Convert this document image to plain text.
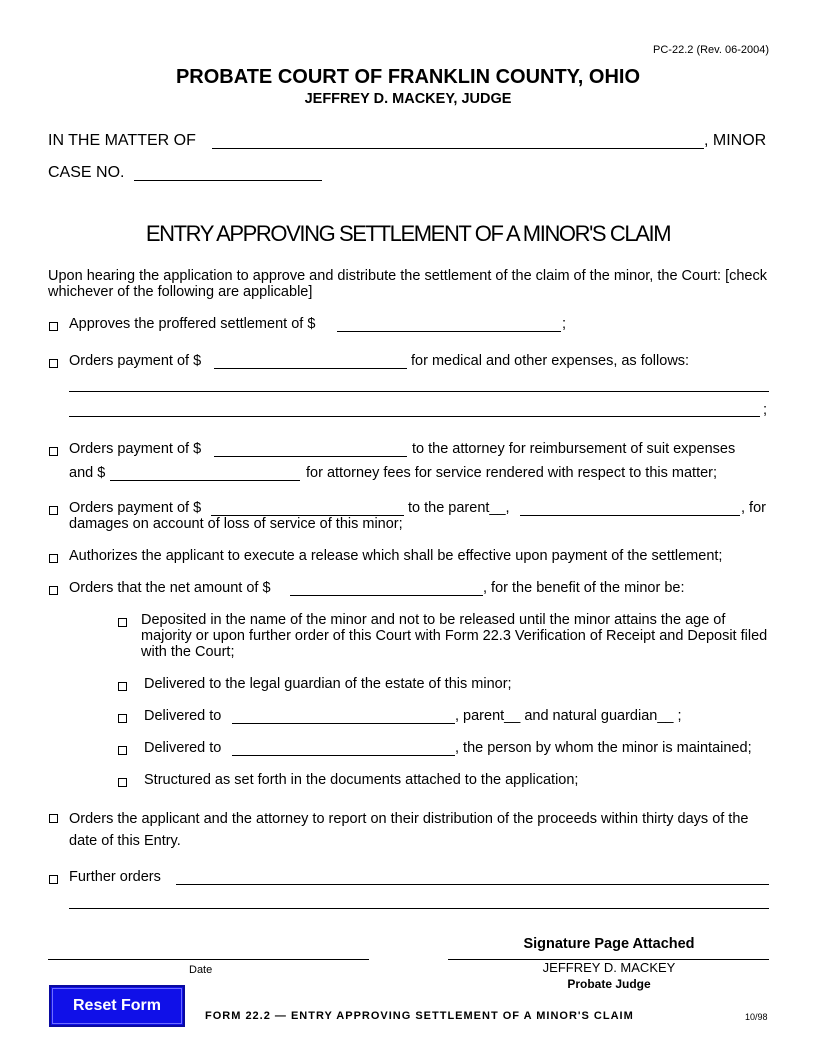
PC-22.2 (Rev. 06-2004)
PROBATE COURT OF FRANKLIN COUNTY, OHIO
JEFFREY D. MACKEY, JUDGE
IN THE MATTER OF	, MINOR
CASE NO.
ENTRY APPROVING SETTLEMENT OF A MINOR'S CLAIM
Upon hearing the application to approve and distribute the settlement of the claim of the minor, the Court: [check whichever of the following are applicable]
Approves the proffered settlement of $	;
Orders payment of $	for medical and other expenses, as follows:
;
Orders payment of $	to the attorney for reimbursement of suit expenses
and $	for attorney fees for service rendered with respect to this matter;
Orders payment of $	to the parent__,	, for
damages on account of loss of service of this minor;
Authorizes the applicant to execute a release which shall be effective upon payment of the settlement;
Orders that the net amount of $	, for the benefit of the minor be:
Deposited in the name of the minor and not to be released until the minor attains the age of majority or upon further order of this Court with Form 22.3 Verification of Receipt and Deposit filed with the Court;
Delivered to the legal guardian of the estate of this minor;
Delivered to	, parent__ and natural guardian__ ;
Delivered to	, the person by whom the minor is maintained;
Structured as set forth in the documents attached to the application;
Orders the applicant and the attorney to report on their distribution of the proceeds within thirty days of the date of this Entry.
Further orders
Signature Page Attached
Date	JEFFREY D. MACKEY
Probate Judge
Reset Form
FORM 22.2 — ENTRY APPROVING SETTLEMENT OF A MINOR'S CLAIM	10/98
